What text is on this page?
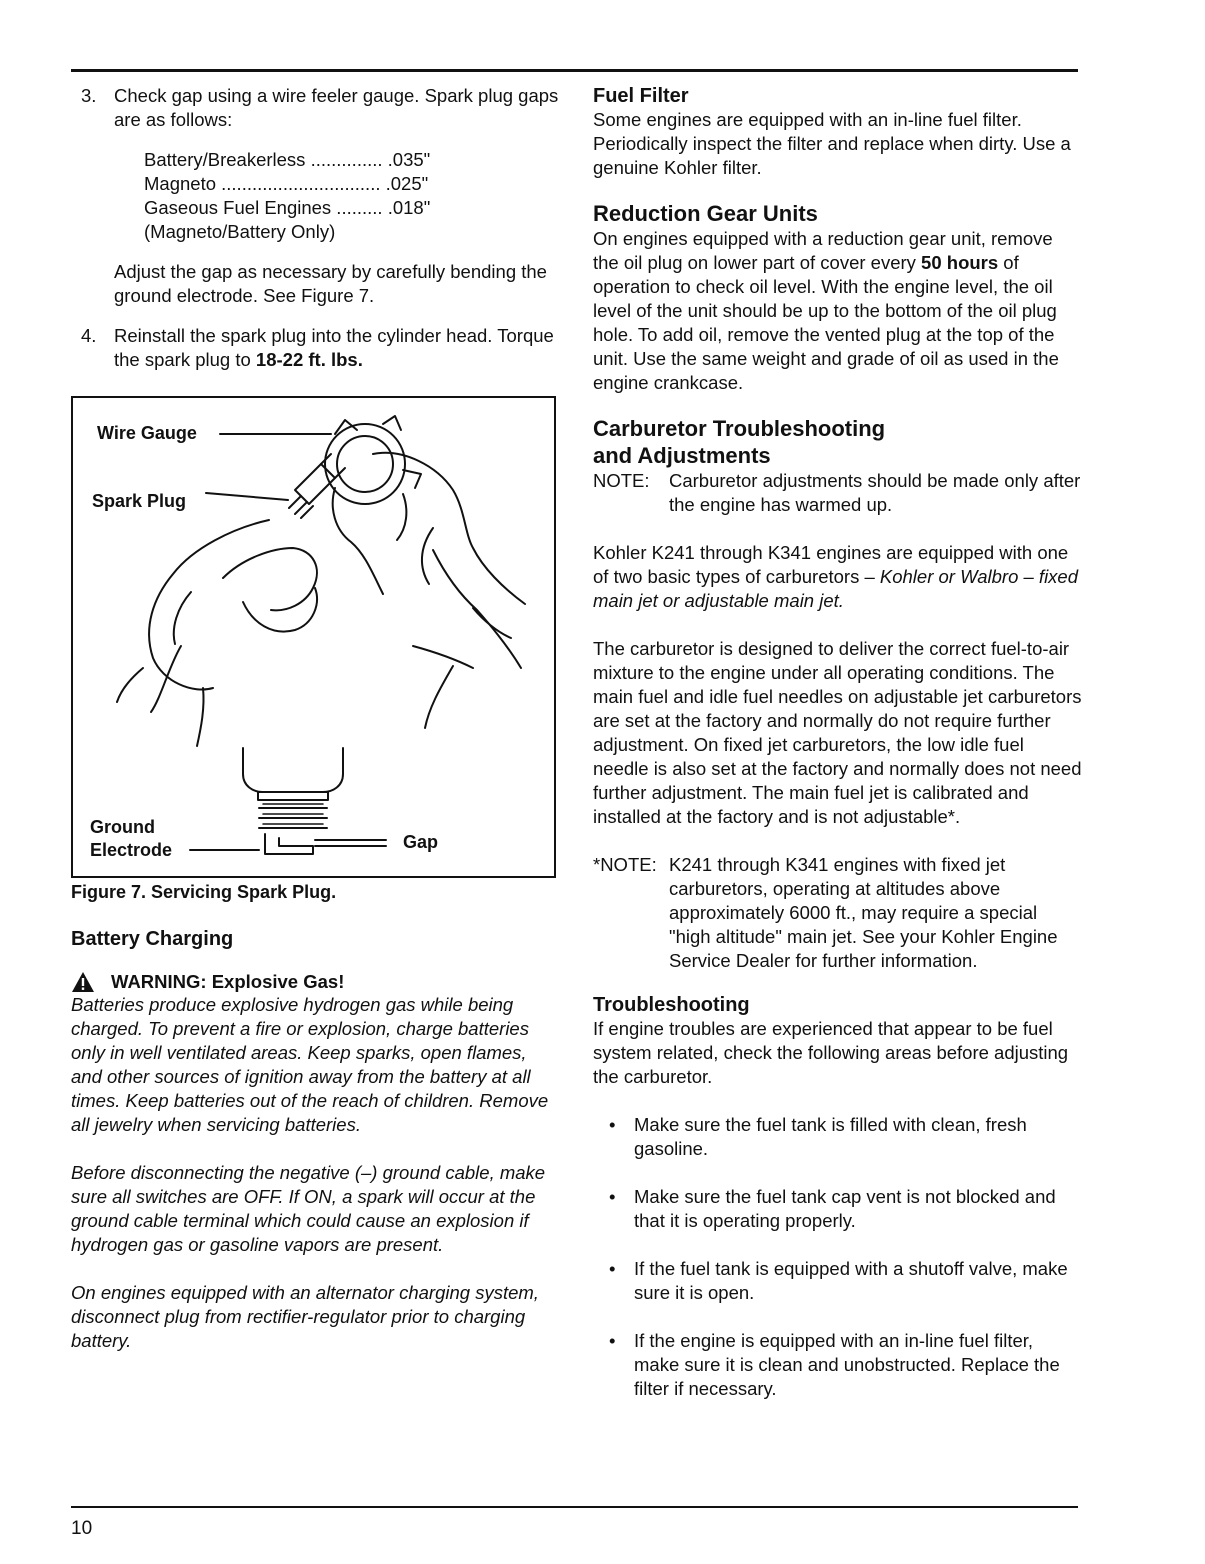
3. Check gap using a wire feeler gauge. Spark plug gaps are as follows:
Battery/Breakerless .............. .035"
Magneto ............................... .025"
Gaseous Fuel Engines ......... .018"
(Magneto/Battery Only)

Adjust the gap as necessary by carefully bending the ground electrode. See Figure 7.

4. Reinstall the spark plug into the cylinder head. Torque the spark plug to 18-22 ft. lbs.
Wire Gauge
Spark Plug
Ground
Electrode	Gap

Figure 7. Servicing Spark Plug.

Battery Charging
WARNING: Explosive Gas!

Batteries produce explosive hydrogen gas while being charged. To prevent a fire or explosion, charge batteries only in well ventilated areas. Keep sparks, open flames, and other sources of ignition away from the battery at all times. Keep batteries out of the reach of children. Remove all jewelry when servicing batteries.

Before disconnecting the negative (–) ground cable, make sure all switches are OFF. If ON, a spark will occur at the ground cable terminal which could cause an explosion if hydrogen gas or gasoline vapors are present.

On engines equipped with an alternator charging system, disconnect plug from rectifier-regulator prior to charging battery.

Fuel Filter

Some engines are equipped with an in-line fuel filter. Periodically inspect the filter and replace when dirty. Use a genuine Kohler filter.

Reduction Gear Units

On engines equipped with a reduction gear unit, remove the oil plug on lower part of cover every 50 hours of operation to check oil level. With the engine level, the oil level of the unit should be up to the bottom of the oil plug hole. To add oil, remove the vented plug at the top of the unit. Use the same weight and grade of oil as used in the engine crankcase.

Carburetor Troubleshooting
and Adjustments
NOTE: Carburetor adjustments should be made only after the engine has warmed up.

Kohler K241 through K341 engines are equipped with one of two basic types of carburetors – Kohler or Walbro – fixed main jet or adjustable main jet.

The carburetor is designed to deliver the correct fuel-to-air mixture to the engine under all operating conditions. The main fuel and idle fuel needles on adjustable jet carburetors are set at the factory and normally do not require further adjustment. On fixed jet carburetors, the low idle fuel needle is also set at the factory and normally does not need further adjustment. The main fuel jet is calibrated and installed at the factory and is not adjustable*.

*NOTE: K241 through K341 engines with fixed jet carburetors, operating at altitudes above approximately 6000 ft., may require a special "high altitude" main jet. See your Kohler Engine Service Dealer for further information.
Troubleshooting

If engine troubles are experienced that appear to be fuel system related, check the following areas before adjusting the carburetor.

• Make sure the fuel tank is filled with clean, fresh gasoline.
• Make sure the fuel tank cap vent is not blocked and that it is operating properly.
• If the fuel tank is equipped with a shutoff valve, make sure it is open.
• If the engine is equipped with an in-line fuel filter, make sure it is clean and unobstructed. Replace the filter if necessary.
10
